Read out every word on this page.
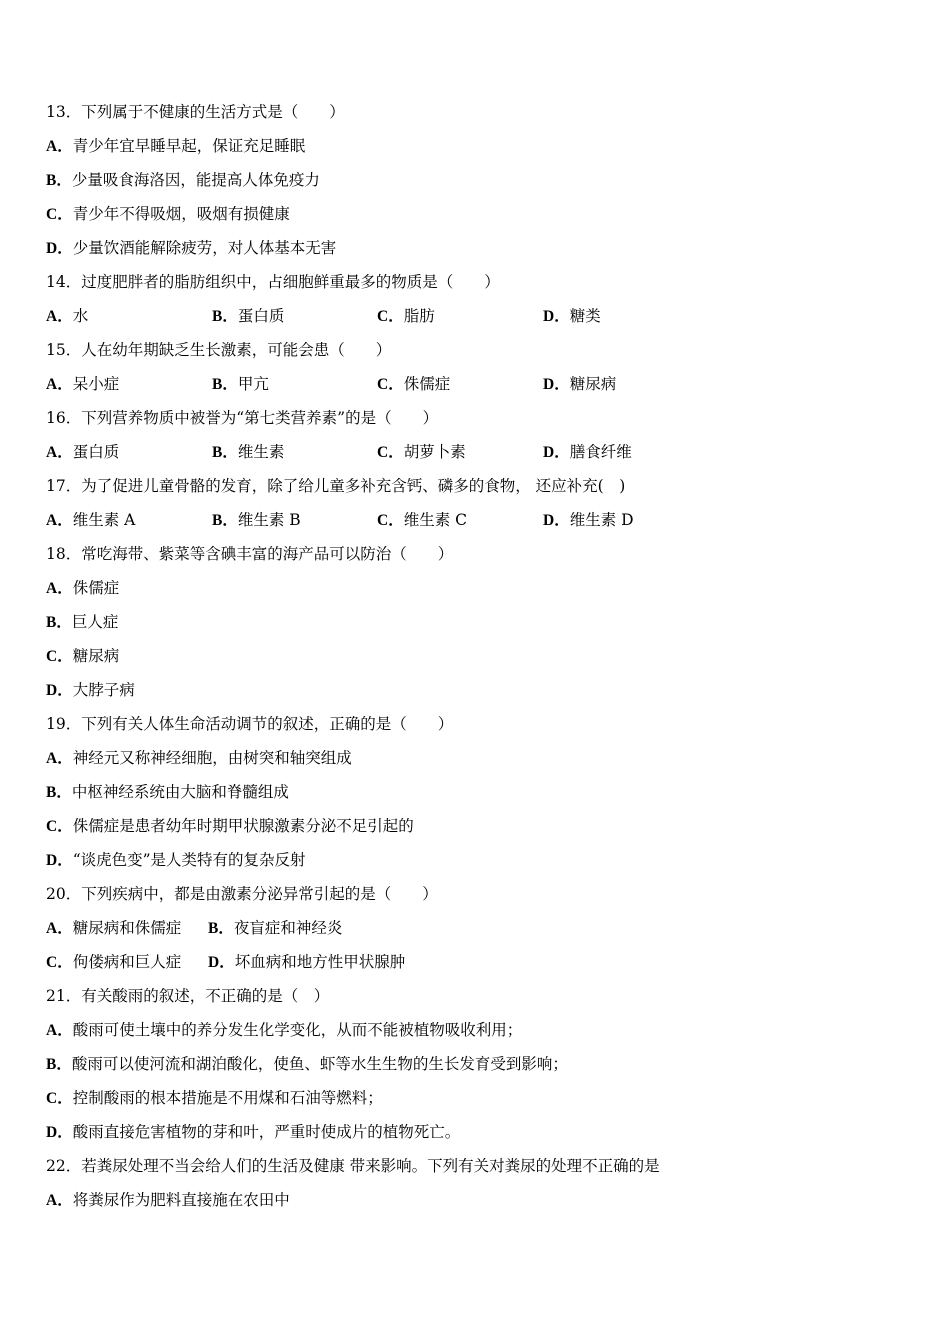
13．下列属于不健康的生活方式是（　　）
A．青少年宜早睡早起，保证充足睡眠
B．少量吸食海洛因，能提高人体免疫力
C．青少年不得吸烟，吸烟有损健康
D．少量饮酒能解除疲劳，对人体基本无害
14．过度肥胖者的脂肪组织中，占细胞鲜重最多的物质是（　　）
A．水	B．蛋白质	C．脂肪	D．糖类
15．人在幼年期缺乏生长激素，可能会患（　　）
A．呆小症	B．甲亢	C．侏儒症	D．糖尿病
16．下列营养物质中被誉为“第七类营养素”的是（　　）
A．蛋白质	B．维生素	C．胡萝卜素	D．膳食纤维
17．为了促进儿童骨骼的发育，除了给儿童多补充含钙、磷多的食物， 还应补充(　)
A．维生素 A	B．维生素 B	C．维生素 C	D．维生素 D
18．常吃海带、紫菜等含碘丰富的海产品可以防治（　　）
A．侏儒症
B．巨人症
C．糖尿病
D．大脖子病
19．下列有关人体生命活动调节的叙述，正确的是（　　）
A．神经元又称神经细胞，由树突和轴突组成
B．中枢神经系统由大脑和脊髓组成
C．侏儒症是患者幼年时期甲状腺激素分泌不足引起的
D．“谈虎色变”是人类特有的复杂反射
20．下列疾病中，都是由激素分泌异常引起的是（　　）
A．糖尿病和侏儒症 B．夜盲症和神经炎
C．佝偻病和巨人症 D．坏血病和地方性甲状腺肿
21．有关酸雨的叙述，不正确的是（　）
A．酸雨可使土壤中的养分发生化学变化，从而不能被植物吸收利用；
B．酸雨可以使河流和湖泊酸化，使鱼、虾等水生生物的生长发育受到影响；
C．控制酸雨的根本措施是不用煤和石油等燃料；
D．酸雨直接危害植物的芽和叶，严重时使成片的植物死亡。
22．若粪尿处理不当会给人们的生活及健康 带来影响。下列有关对粪尿的处理不正确的是
A．将粪尿作为肥料直接施在农田中
